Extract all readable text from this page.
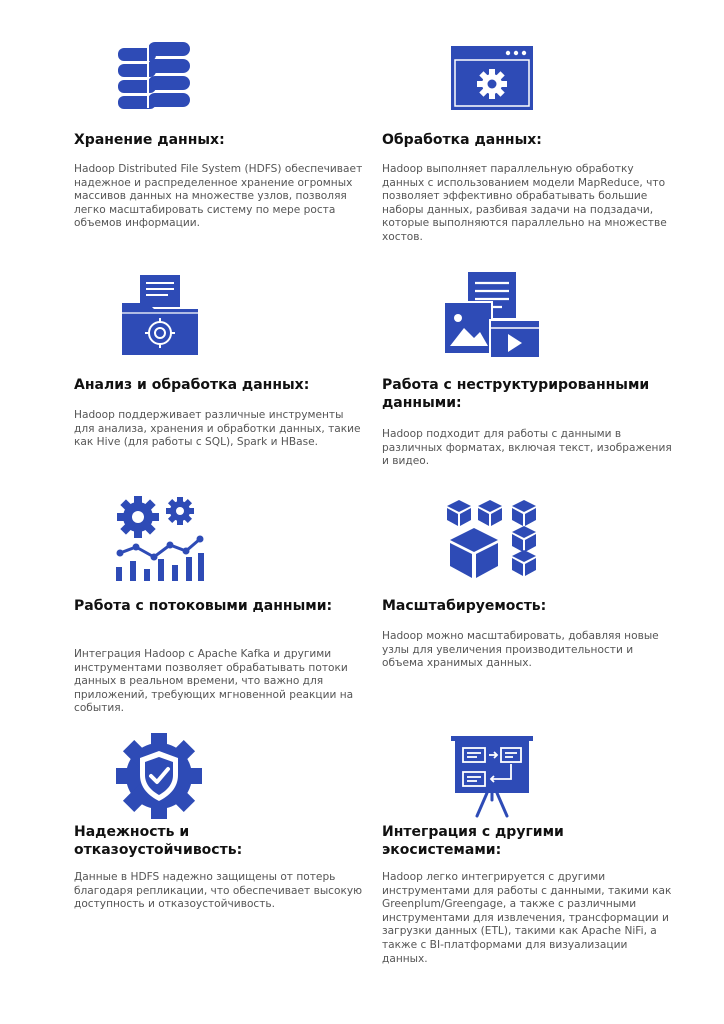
Хранение данных:

Hadoop Distributed File System (HDFS) обеспечивает надежное и распределенное хранение огромных массивов данных на множестве узлов, позволяя легко масштабировать систему по мере роста объемов информации.

Обработка данных:

Hadoop выполняет параллельную обработку данных с использованием модели MapReduce, что позволяет эффективно обрабатывать большие наборы данных, разбивая задачи на подзадачи, которые выполняются параллельно на множестве хостов.

Анализ и обработка данных:

Hadoop поддерживает различные инструменты для анализа, хранения и обработки данных, такие как Hive (для работы с SQL), Spark и HBase.

Работа с неструктурированными данными:

Hadoop подходит для работы с данными в различных форматах, включая текст, изображения и видео.

Работа с потоковыми данными:

Интеграция Hadoop с Apache Kafka и другими инструментами позволяет обрабатывать потоки данных в реальном времени, что важно для приложений, требующих мгновенной реакции на события.

Масштабируемость:

Hadoop можно масштабировать, добавляя новые узлы для увеличения производительности и объема хранимых данных.

Надежность и отказоустойчивость:

Данные в HDFS надежно защищены от потерь благодаря репликации, что обеспечивает высокую доступность и отказоустойчивость.

Интеграция с другими экосистемами:

Hadoop легко интегрируется с другими инструментами для работы с данными, такими как Greenplum/Greengage, а также с различными инструментами для извлечения, трансформации и загрузки данных (ETL), такими как Apache NiFi, а также с BI-платформами для визуализации данных.
